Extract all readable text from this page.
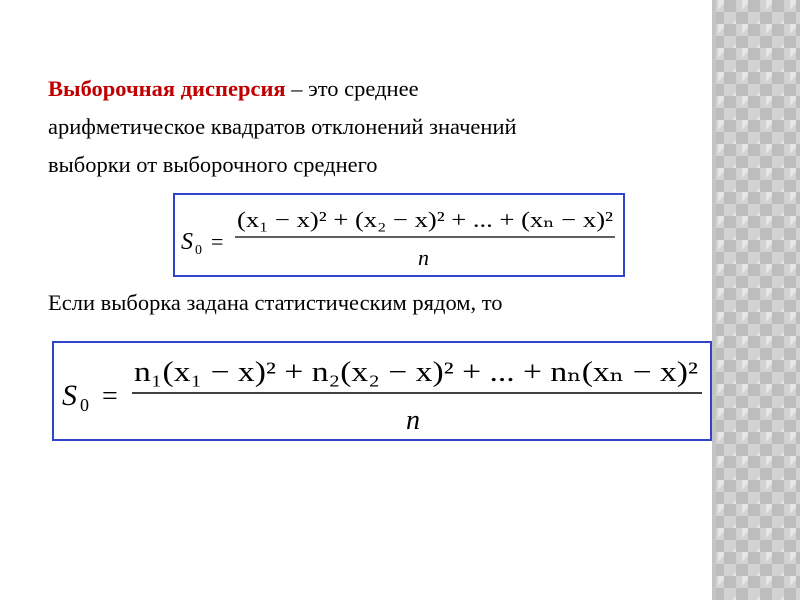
Выборочная дисперсия – это среднее
арифметическое квадратов отклонений значений
выборки от выборочного среднего

S 0 =
(x₁ − x)² + (x₂ − x)² + ... + (xₙ − x)²
n

Если выборка задана статистическим рядом, то

S 0 =
n₁(x₁ − x)² + n₂(x₂ − x)² + ... + nₙ(xₙ − x)²
n
